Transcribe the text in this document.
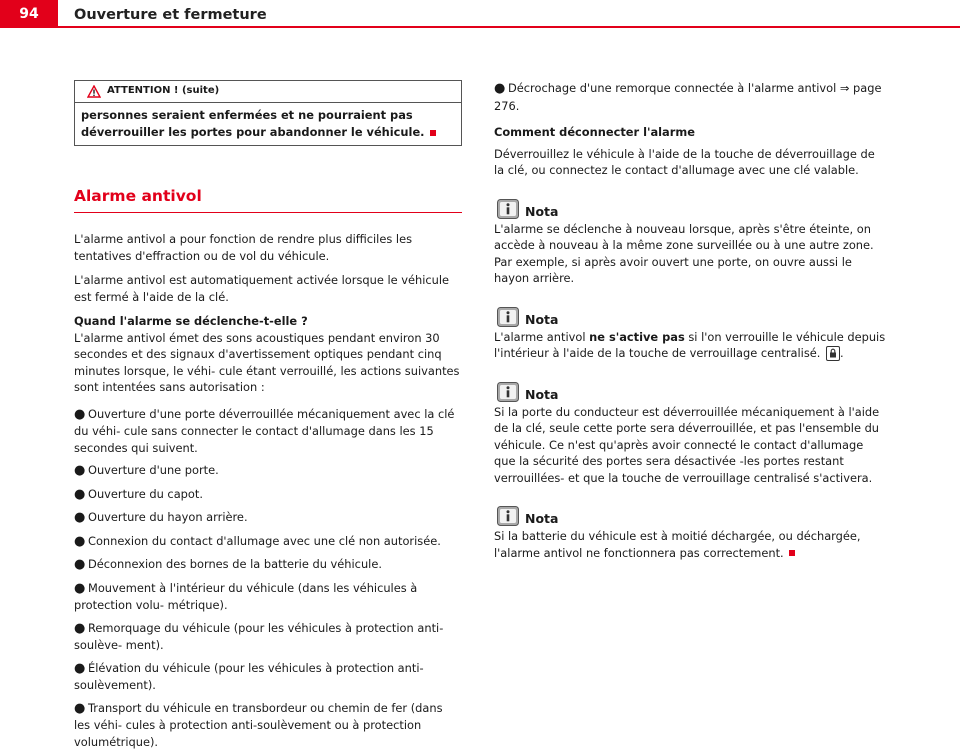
94	Ouverture et fermeture
ATTENTION ! (suite)
personnes seraient enfermées et ne pourraient pas déverrouiller les portes pour abandonner le véhicule.
Alarme antivol

L'alarme antivol a pour fonction de rendre plus difficiles les tentatives d'effraction ou de vol du véhicule.

L'alarme antivol est automatiquement activée lorsque le véhicule est fermé à l'aide de la clé.

Quand l'alarme se déclenche-t-elle ?

L'alarme antivol émet des sons acoustiques pendant environ 30 secondes et des signaux d'avertissement optiques pendant cinq minutes lorsque, le véhi- cule étant verrouillé, les actions suivantes sont intentées sans autorisation :

● Ouverture d'une porte déverrouillée mécaniquement avec la clé du véhi- cule sans connecter le contact d'allumage dans les 15 secondes qui suivent.

● Ouverture d'une porte.

● Ouverture du capot.

● Ouverture du hayon arrière.

● Connexion du contact d'allumage avec une clé non autorisée.

● Déconnexion des bornes de la batterie du véhicule.

● Mouvement à l'intérieur du véhicule (dans les véhicules à protection volu- métrique).

● Remorquage du véhicule (pour les véhicules à protection anti-soulève- ment).

● Élévation du véhicule (pour les véhicules à protection anti-soulèvement).

● Transport du véhicule en transbordeur ou chemin de fer (dans les véhi- cules à protection anti-soulèvement ou à protection volumétrique).

● Décrochage d'une remorque connectée à l'alarme antivol ⇒ page 276.

Comment déconnecter l'alarme

Déverrouillez le véhicule à l'aide de la touche de déverrouillage de la clé, ou connectez le contact d'allumage avec une clé valable.

Nota

L'alarme se déclenche à nouveau lorsque, après s'être éteinte, on accède à nouveau à la même zone surveillée ou à une autre zone. Par exemple, si après avoir ouvert une porte, on ouvre aussi le hayon arrière.

Nota

L'alarme antivol ne s'active pas si l'on verrouille le véhicule depuis l'intérieur à l'aide de la touche de verrouillage centralisé.
.

Nota

Si la porte du conducteur est déverrouillée mécaniquement à l'aide de la clé, seule cette porte sera déverrouillée, et pas l'ensemble du véhicule. Ce n'est qu'après avoir connecté le contact d'allumage que la sécurité des portes sera désactivée -les portes restant verrouillées- et que la touche de verrouillage centralisé s'activera.

Nota

Si la batterie du véhicule est à moitié déchargée, ou déchargée, l'alarme antivol ne fonctionnera pas correctement.
